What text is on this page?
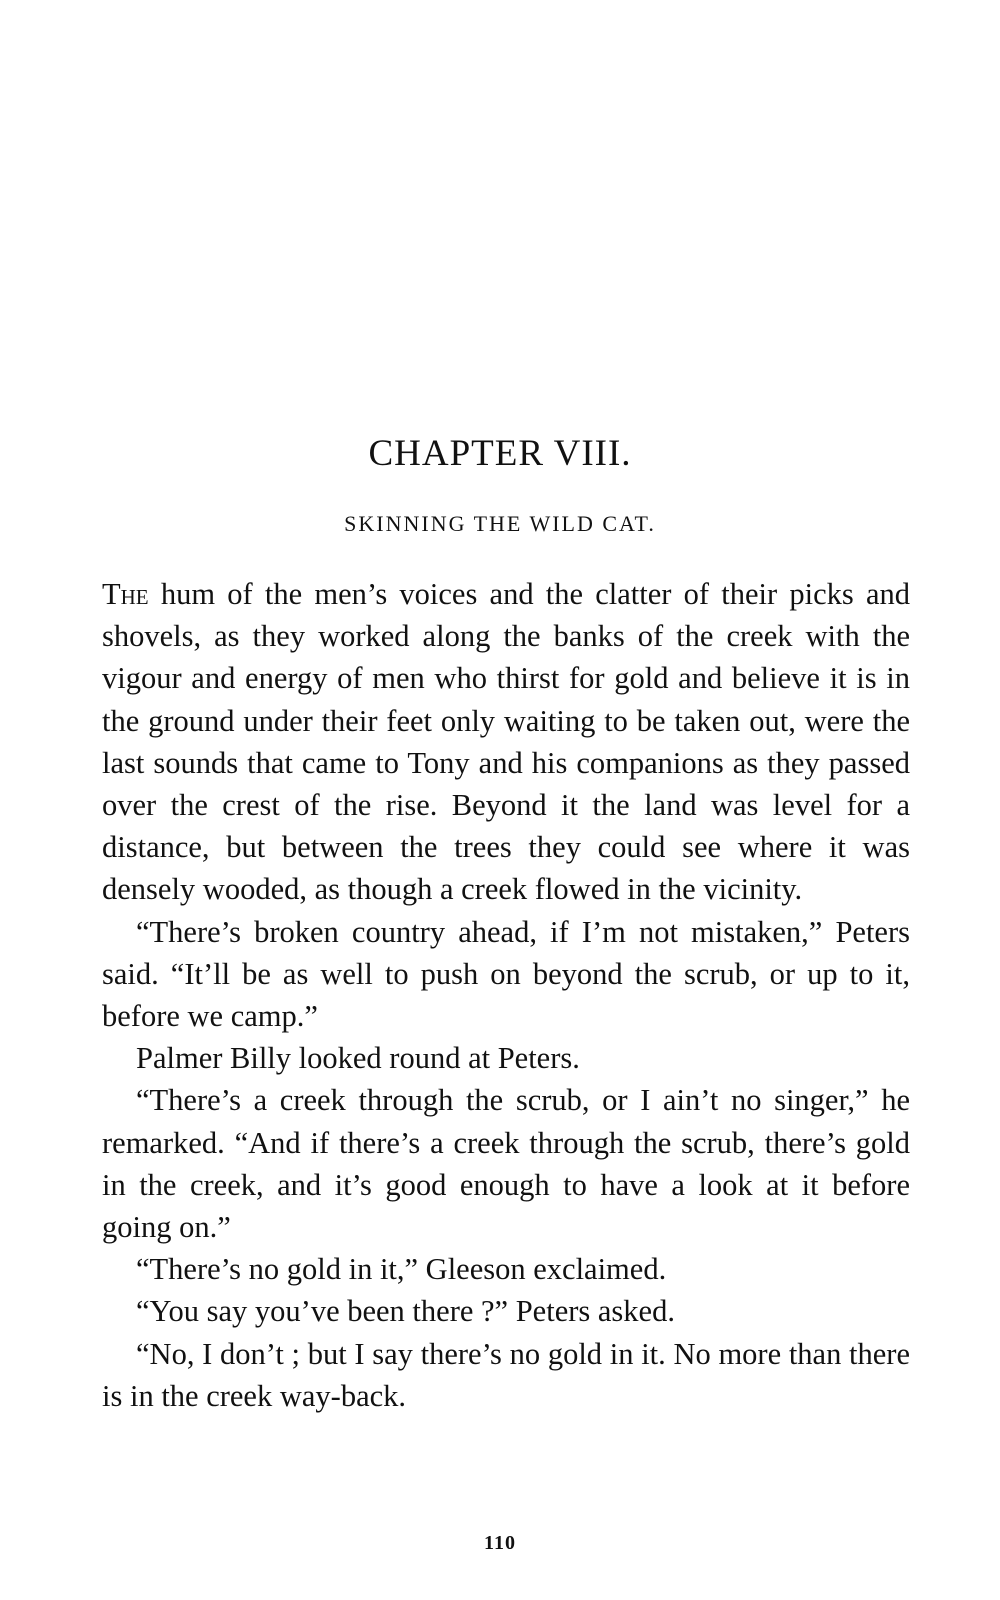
CHAPTER VIII.
SKINNING THE WILD CAT.

The hum of the men’s voices and the clatter of their picks and shovels, as they worked along the banks of the creek with the vigour and energy of men who thirst for gold and believe it is in the ground under their feet only waiting to be taken out, were the last sounds that came to Tony and his companions as they passed over the crest of the rise. Beyond it the land was level for a distance, but between the trees they could see where it was densely wooded, as though a creek flowed in the vicinity.

“There’s broken country ahead, if I’m not mistaken,” Peters said. “It’ll be as well to push on beyond the scrub, or up to it, before we camp.”

Palmer Billy looked round at Peters.

“There’s a creek through the scrub, or I ain’t no singer,” he remarked. “And if there’s a creek through the scrub, there’s gold in the creek, and it’s good enough to have a look at it before going on.”

“There’s no gold in it,” Gleeson exclaimed.

“You say you’ve been there ?” Peters asked.

“No, I don’t ; but I say there’s no gold in it. No more than there is in the creek way-back.

110
